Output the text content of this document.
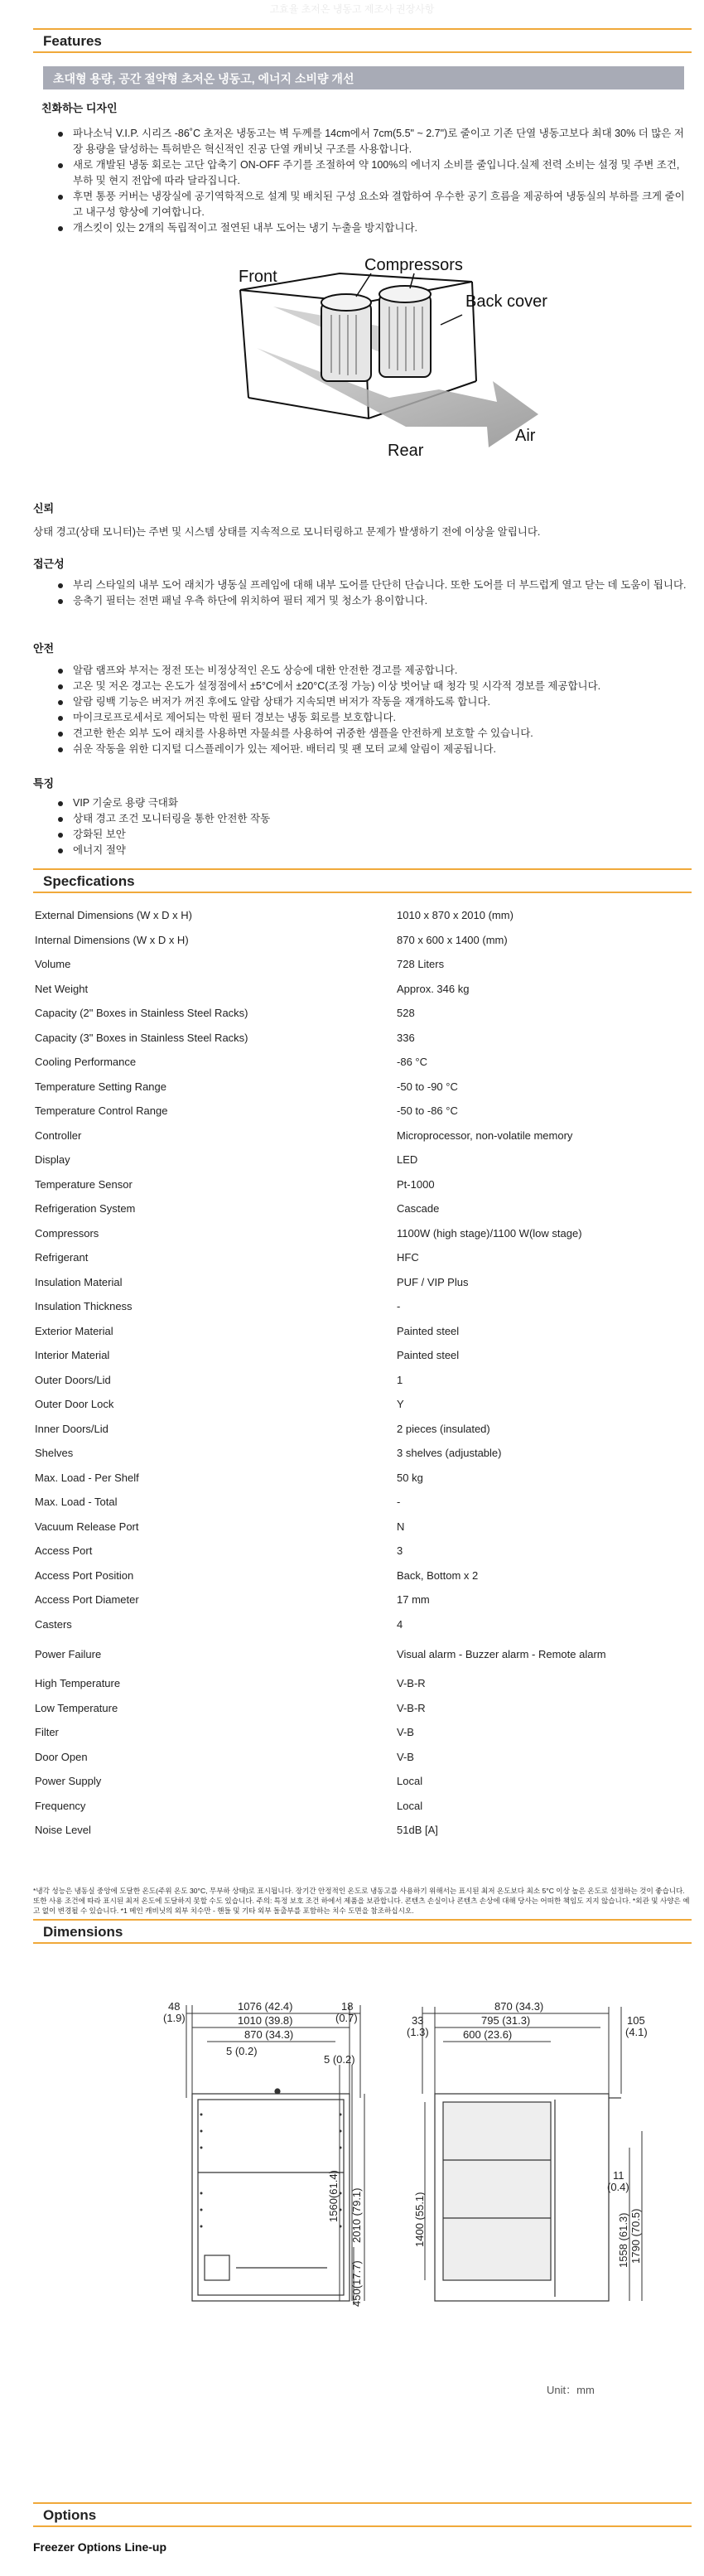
고효율 초저온 냉동고 제조사 권장사항
Features
초대형 용량, 공간 절약형 초저온 냉동고, 에너지 소비량 개선
친화하는 디자인
파나소닉 V.I.P. 시리즈 -86˚C 초저온 냉동고는 벽 두께를 14cm에서 7cm(5.5" ~ 2.7")로 줄이고 기존 단열 냉동고보다 최대 30% 더 많은 저장 용량을 달성하는 특허받은 혁신적인 진공 단열 캐비닛 구조를 사용합니다.
새로 개발된 냉동 회로는 고단 압축기 ON-OFF 주기를 조절하여 약 100%의 에너지 소비를 줄입니다.실제 전력 소비는 설정 및 주변 조건, 부하 및 현지 전압에 따라 달라집니다.
후면 통풍 커버는 냉장실에 공기역학적으로 설계 및 배치된 구성 요소와 결합하여 우수한 공기 흐름을 제공하여 냉동실의 부하를 크게 줄이고 내구성 향상에 기여합니다.
개스킷이 있는 2개의 독립적이고 절연된 내부 도어는 냉기 누출을 방지합니다.
Front
Compressors
Back cover
Rear
Air
신뢰
상태 경고(상태 모니터)는 주변 및 시스템 상태를 지속적으로 모니터링하고 문제가 발생하기 전에 이상을 알립니다.
접근성
부리 스타일의 내부 도어 래치가 냉동실 프레임에 대해 내부 도어를 단단히 단습니다. 또한 도어를 더 부드럽게 열고 닫는 데 도움이 됩니다.
응축기 필터는 전면 패널 우측 하단에 위치하여 필터 제거 및 청소가 용이합니다.
안전
알람 램프와 부저는 정전 또는 비정상적인 온도 상승에 대한 안전한 경고를 제공합니다.
고온 및 저온 경고는 온도가 설정점에서 ±5°C에서 ±20°C(조정 가능) 이상 벗어날 때 청각 및 시각적 경보를 제공합니다.
알람 링백 기능은 버저가 꺼진 후에도 알람 상태가 지속되면 버저가 작동을 재개하도록 합니다.
마이크로프로세서로 제어되는 막힌 필터 경보는 냉동 회로를 보호합니다.
견고한 한손 외부 도어 래치를 사용하면 자물쇠를 사용하여 귀중한 샘플을 안전하게 보호할 수 있습니다.
쉬운 작동을 위한 디지털 디스플레이가 있는 제어판. 배터리 및 팬 모터 교체 알림이 제공됩니다.
특징
VIP 기술로 용량 극대화
상태 경고 조건 모니터링을 통한 안전한 작동
강화된 보안
에너지 절약
Specfications
External Dimensions (W x D x H)	1010 x 870 x 2010 (mm)
Internal Dimensions (W x D x H)	870 x 600 x 1400 (mm)
Volume	728 Liters
Net Weight	Approx. 346 kg
Capacity (2" Boxes in Stainless Steel Racks)	528
Capacity (3" Boxes in Stainless Steel Racks)	336
Cooling Performance	-86 °C
Temperature Setting Range	-50 to -90 °C
Temperature Control Range	-50 to -86 °C
Controller	Microprocessor, non-volatile memory
Display	LED
Temperature Sensor	Pt-1000
Refrigeration System	Cascade
Compressors	1100W (high stage)/1100 W(low stage)
Refrigerant	HFC
Insulation Material	PUF / VIP Plus
Insulation Thickness	-
Exterior Material	Painted steel
Interior Material	Painted steel
Outer Doors/Lid	1
Outer Door Lock	Y
Inner Doors/Lid	2 pieces (insulated)
Shelves	3 shelves (adjustable)
Max. Load - Per Shelf	50 kg
Max. Load - Total	-
Vacuum Release Port	N
Access Port	3
Access Port Position	Back, Bottom x 2
Access Port Diameter	17 mm
Casters	4
Power Failure	Visual alarm - Buzzer alarm - Remote alarm
High Temperature	V-B-R
Low Temperature	V-B-R
Filter	V-B
Door Open	V-B
Power Supply	Local
Frequency	Local
Noise Level	51dB [A]
*냉각 성능은 냉동실 중앙에 도달한 온도(주위 온도 30°C, 무부하 상태)로 표시됩니다. 장기간 안정적인 온도로 냉동고를 사용하기 위해서는 표시된 최저 온도보다 최소 5°C 이상 높은 온도로 설정하는 것이 좋습니다. 또한 사용 조건에 따라 표시된 최저 온도에 도달하지 못할 수도 있습니다. 주의: 특정 보호 조건 하에서 제품을 보관합니다. 콘텐츠 손실이나 콘텐츠 손상에 대해 당사는 어떠한 책임도 지지 않습니다. *외관 및 사양은 예고 없이 변경될 수 있습니다. *1 메인 캐비닛의 외부 치수만 - 핸들 및 기타 외부 돌출부를 포함하는 치수 도면을 참조하십시오.
Dimensions
48
(1.9)
1076 (42.4)
1010 (39.8)
18
(0.7)
870 (34.3)
5 (0.2)
5 (0.2)
1560(61.4) 2010 (79.1)
450(17.7)
33
(1.3)
870 (34.3)
795 (31.3)
600 (23.6)
105
(4.1)
11
(0.4)
1400 (55.1)	1558 (61.3) 1790 (70.5)
Unit：mm
Options
Freezer Options Line-up
